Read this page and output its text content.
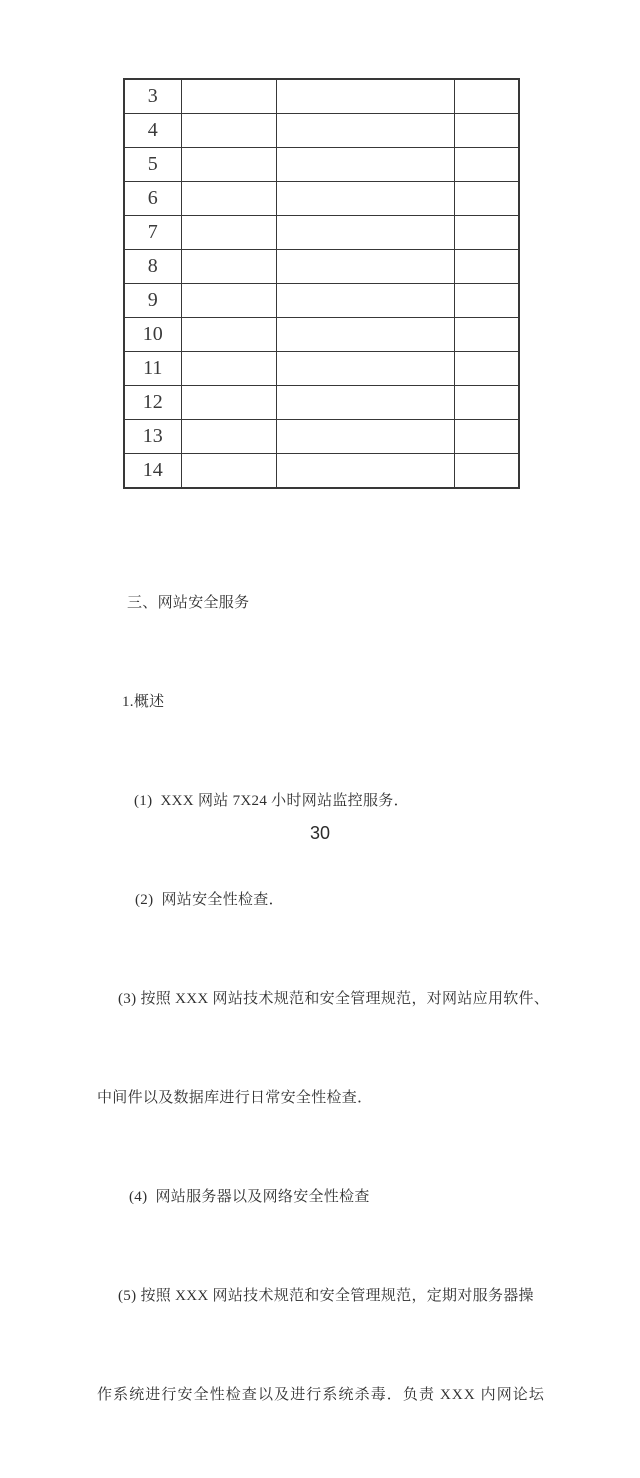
3			
4			
5			
6			
7			
8			
9			
10			
11			
12			
13			
14			

三、网站安全服务

1.概述

(1)  XXX 网站 7X24 小时网站监控服务．

(2)  网站安全性检查．

(3) 按照 XXX 网站技术规范和安全管理规范，对网站应用软件、

中间件以及数据库进行日常安全性检查．

(4)  网站服务器以及网络安全性检查

(5) 按照 XXX 网站技术规范和安全管理规范，定期对服务器操

作系统进行安全性检查以及进行系统杀毒．负责 XXX 内网论坛

30
